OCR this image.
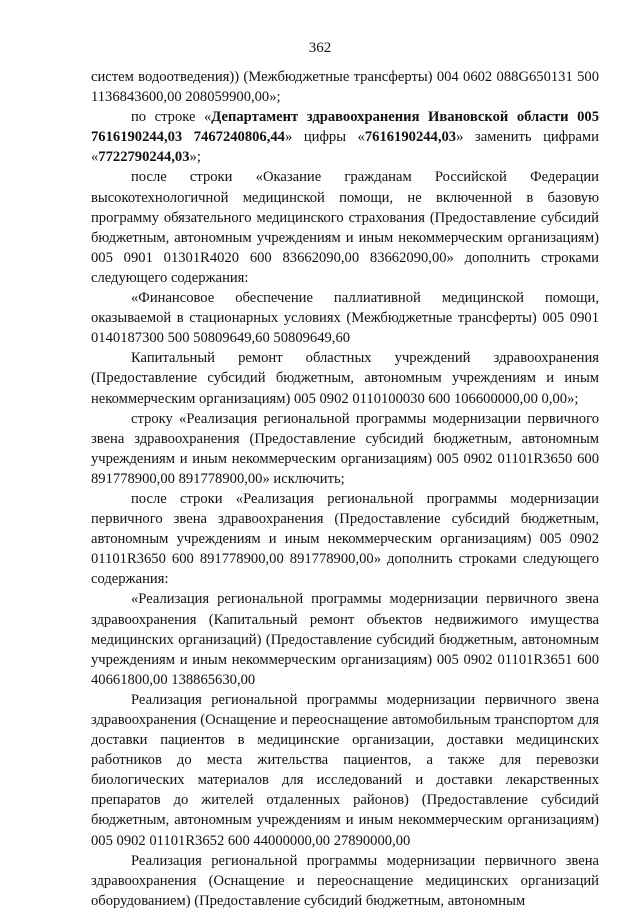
362

систем водоотведения)) (Межбюджетные трансферты) 004 0602 088G650131 500 1136843600,00 208059900,00»;

по строке «Департамент здравоохранения Ивановской области 005 7616190244,03 7467240806,44» цифры «7616190244,03» заменить цифрами «7722790244,03»;

после строки «Оказание гражданам Российской Федерации высокотехнологичной медицинской помощи, не включенной в базовую программу обязательного медицинского страхования (Предоставление субсидий бюджетным, автономным учреждениям и иным некоммерческим организациям) 005 0901 01301R4020 600 83662090,00 83662090,00» дополнить строками следующего содержания:

«Финансовое обеспечение паллиативной медицинской помощи, оказываемой в стационарных условиях (Межбюджетные трансферты) 005 0901 0140187300 500 50809649,60 50809649,60

Капитальный ремонт областных учреждений здравоохранения (Предоставление субсидий бюджетным, автономным учреждениям и иным некоммерческим организациям) 005 0902 0110100030 600 106600000,00 0,00»;

строку «Реализация региональной программы модернизации первичного звена здравоохранения (Предоставление субсидий бюджетным, автономным учреждениям и иным некоммерческим организациям) 005 0902 01101R3650 600 891778900,00 891778900,00» исключить;

после строки «Реализация региональной программы модернизации первичного звена здравоохранения (Предоставление субсидий бюджетным, автономным учреждениям и иным некоммерческим организациям) 005 0902 01101R3650 600 891778900,00 891778900,00» дополнить строками следующего содержания:

«Реализация региональной программы модернизации первичного звена здравоохранения (Капитальный ремонт объектов недвижимого имущества медицинских организаций) (Предоставление субсидий бюджетным, автономным учреждениям и иным некоммерческим организациям) 005 0902 01101R3651 600 40661800,00 138865630,00

Реализация региональной программы модернизации первичного звена здравоохранения (Оснащение и переоснащение автомобильным транспортом для доставки пациентов в медицинские организации, доставки медицинских работников до места жительства пациентов, а также для перевозки биологических материалов для исследований и доставки лекарственных препаратов до жителей отдаленных районов) (Предоставление субсидий бюджетным, автономным учреждениям и иным некоммерческим организациям) 005 0902 01101R3652 600 44000000,00 27890000,00

Реализация региональной программы модернизации первичного звена здравоохранения (Оснащение и переоснащение медицинских организаций оборудованием) (Предоставление субсидий бюджетным, автономным
